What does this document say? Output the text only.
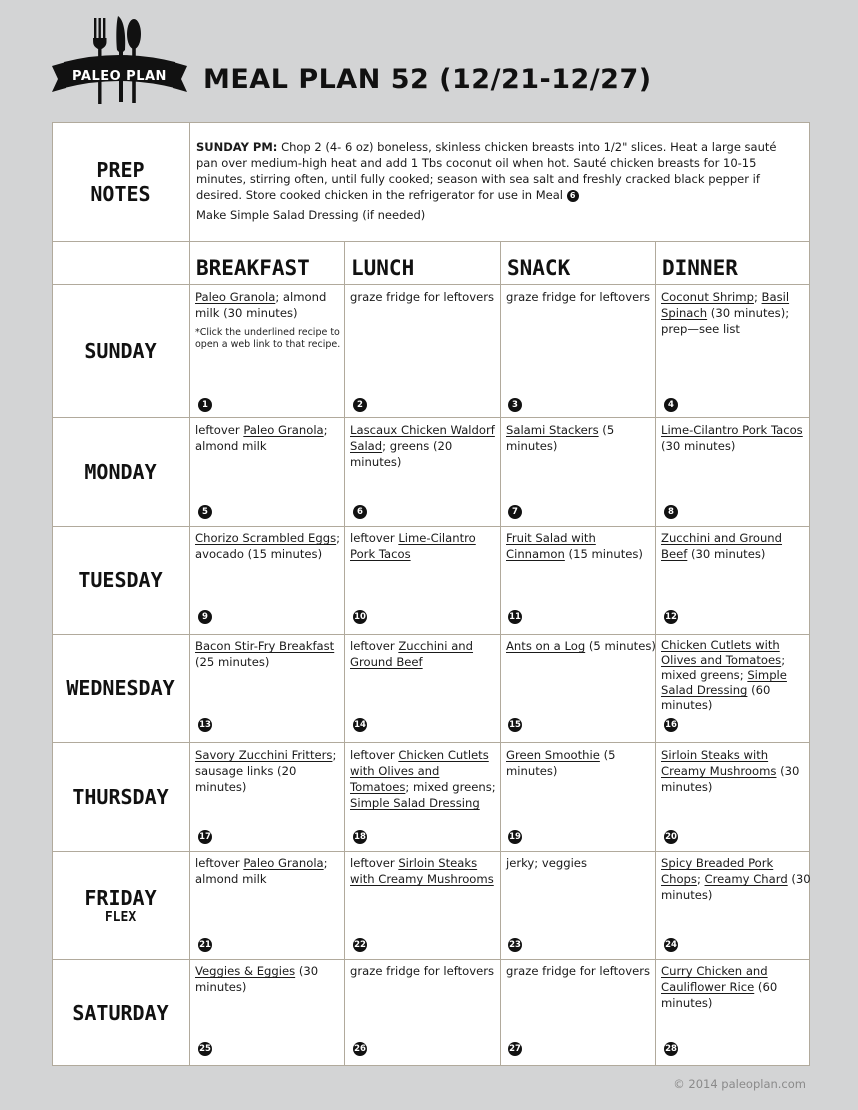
PALEO PLAN MEAL PLAN 52 (12/21-12/27)
PREP
NOTES

SUNDAY PM: Chop 2 (4- 6 oz) boneless, skinless chicken breasts into 1/2" slices. Heat a large sauté pan over medium-high heat and add 1 Tbs coconut oil when hot. Sauté chicken breasts for 10-15 minutes, stirring often, until fully cooked; season with sea salt and freshly cracked black pepper if desired. Store cooked chicken in the refrigerator for use in Meal 6

Make Simple Salad Dressing (if needed)

BREAKFAST LUNCH	SNACK	DINNER
SUNDAY
MONDAY
TUESDAY
WEDNESDAY
THURSDAY
FRIDAY
FLEX
SATURDAY
Paleo Granola; almond milk (30 minutes)
*Click the underlined recipe to open a web link to that recipe.
1
graze fridge for leftovers
2
graze fridge for leftovers
3
Coconut Shrimp; Basil Spinach (30 minutes); prep—see list
4
leftover Paleo Granola; almond milk
5
Lascaux Chicken Waldorf Salad; greens (20 minutes)
6
Salami Stackers (5 minutes)
7
Lime-Cilantro Pork Tacos (30 minutes)
8
Chorizo Scrambled Eggs; avocado (15 minutes)
9
leftover Lime-Cilantro Pork Tacos
10
Fruit Salad with Cinnamon (15 minutes)
11
Zucchini and Ground Beef (30 minutes)
12
Bacon Stir-Fry Breakfast (25 minutes)
13
leftover Zucchini and Ground Beef
14
Ants on a Log (5 minutes)
15
Chicken Cutlets with Olives and Tomatoes; mixed greens; Simple Salad Dressing (60 minutes)
16
Savory Zucchini Fritters; sausage links (20 minutes)
17
leftover Chicken Cutlets with Olives and Tomatoes; mixed greens; Simple Salad Dressing
18
Green Smoothie (5 minutes)
19
Sirloin Steaks with Creamy Mushrooms (30 minutes)
20
leftover Paleo Granola; almond milk
21
leftover Sirloin Steaks with Creamy Mushrooms
22
jerky; veggies
23
Spicy Breaded Pork Chops; Creamy Chard (30 minutes)
24
Veggies & Eggies (30 minutes)
25
graze fridge for leftovers
26
graze fridge for leftovers
27
Curry Chicken and Cauliflower Rice (60 minutes)
28
© 2014 paleoplan.com
